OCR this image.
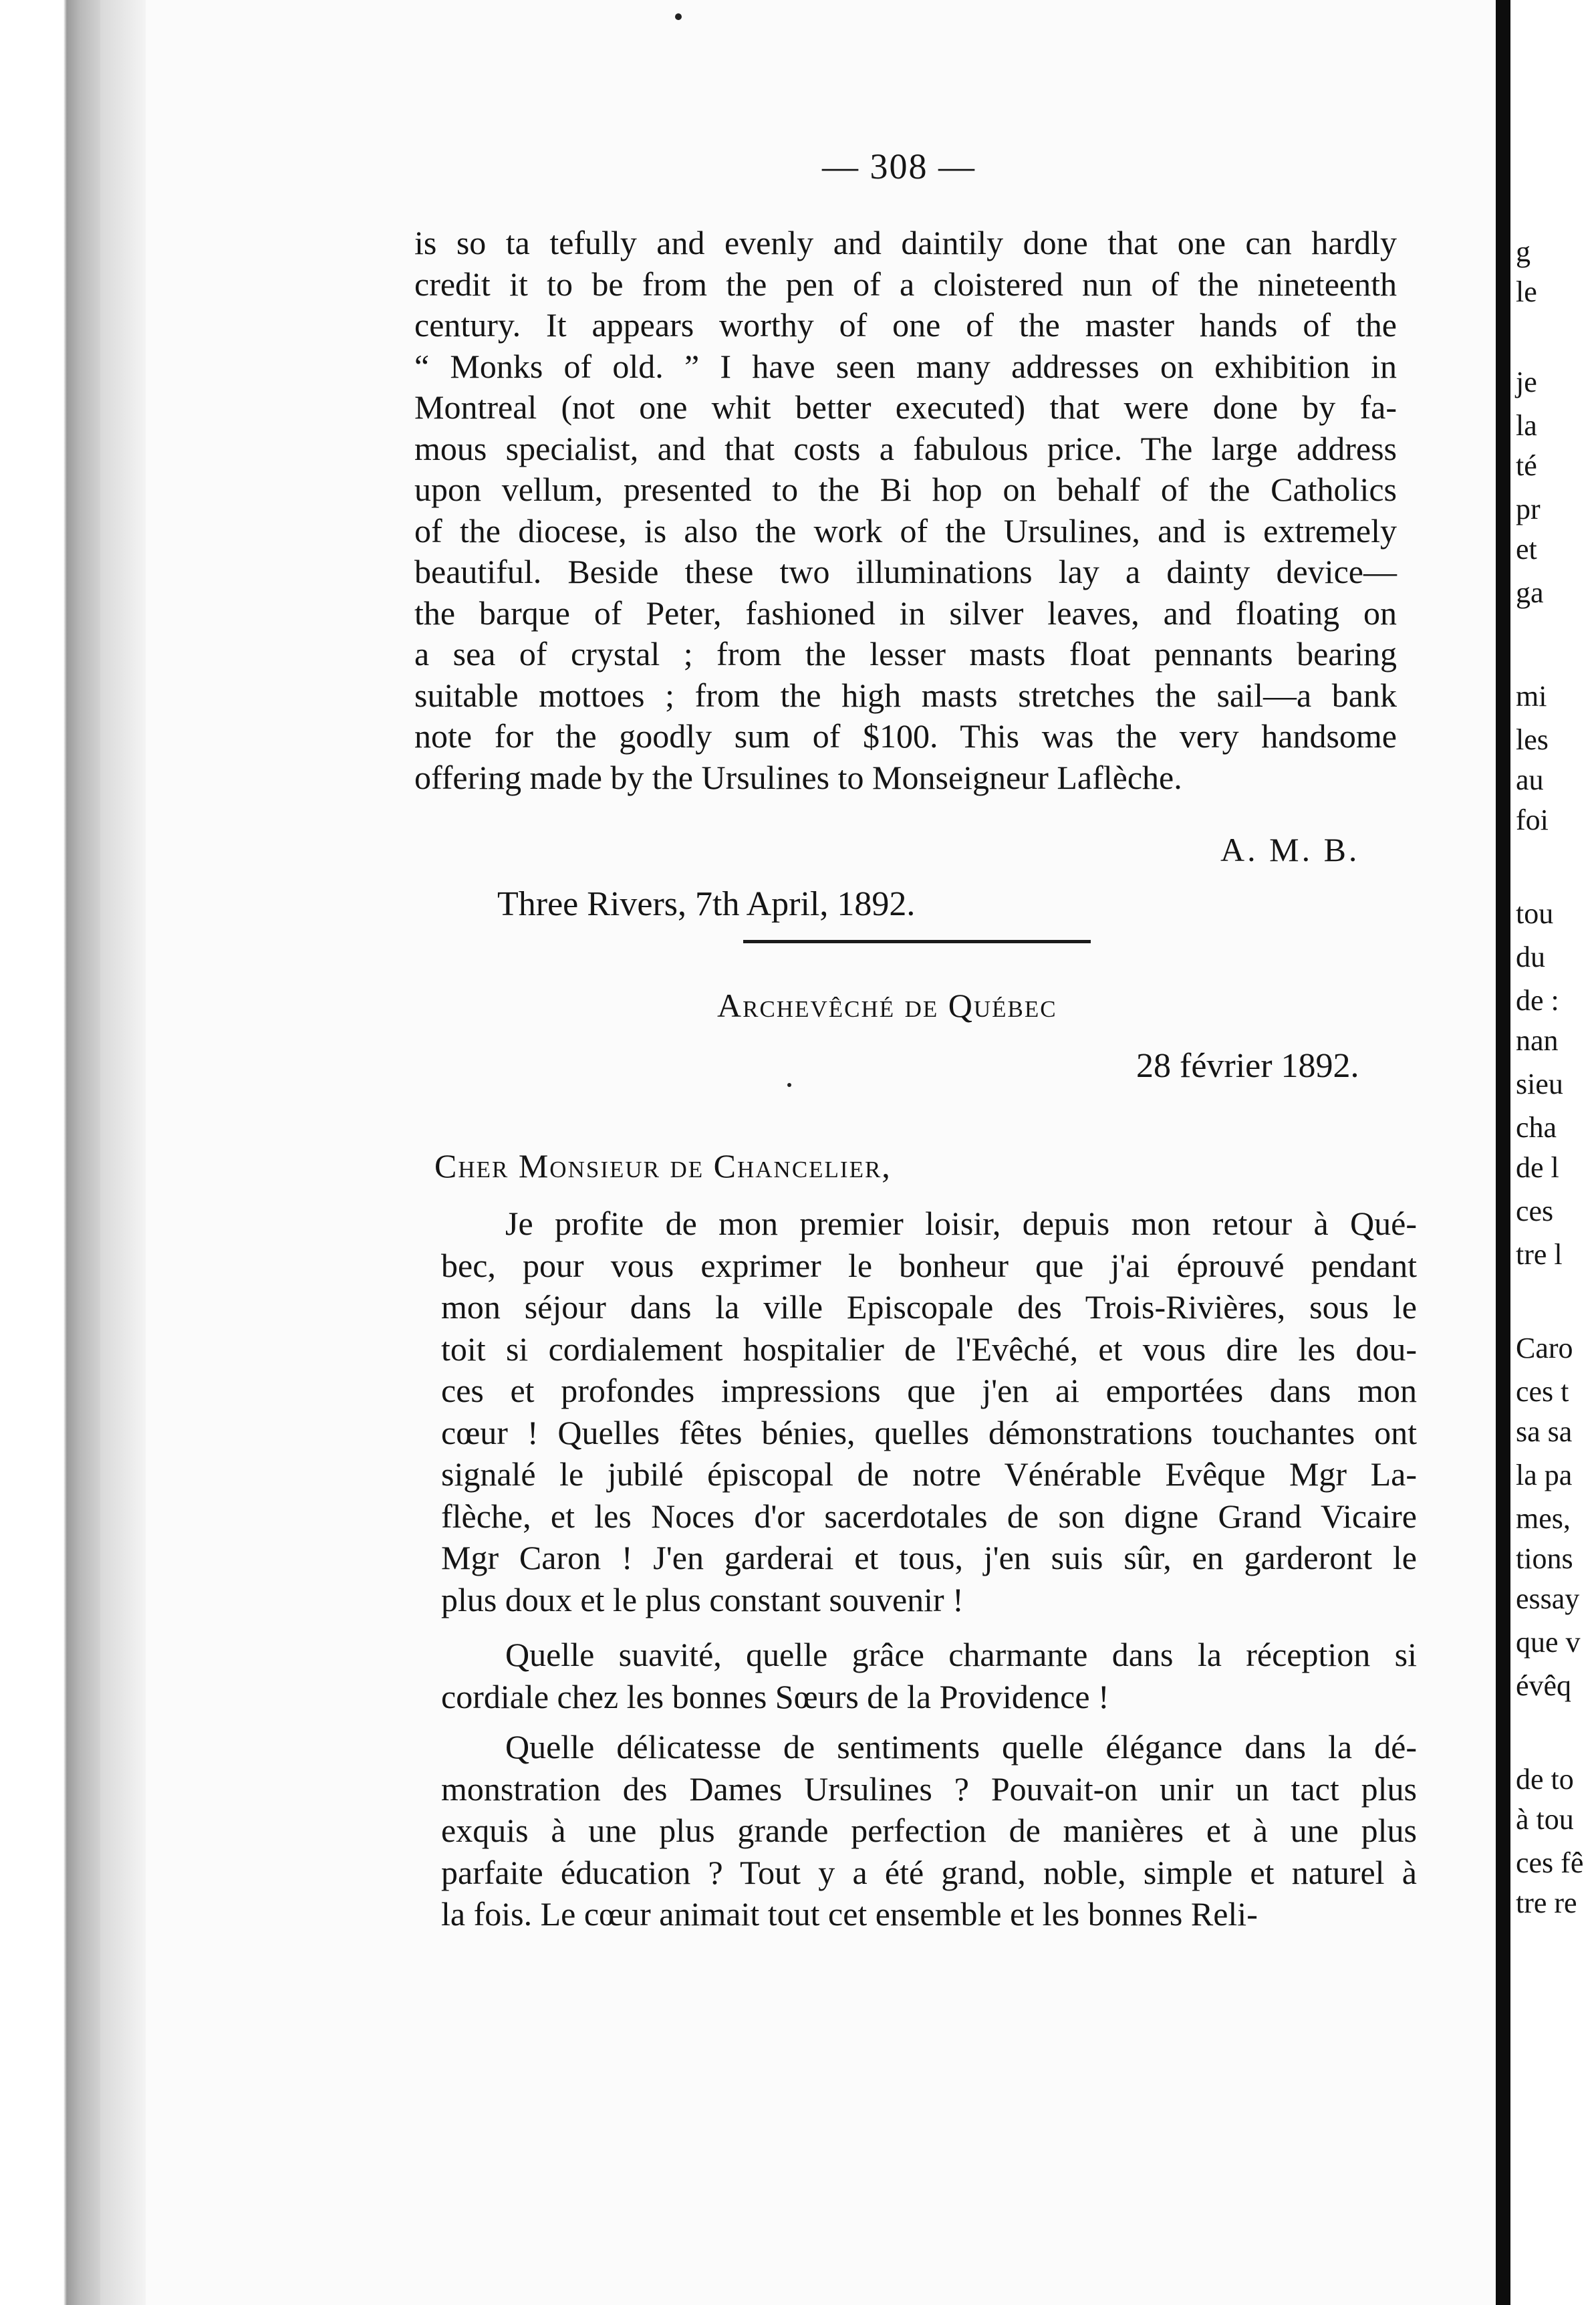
g
le
je
la
té
pr
et
ga
mi
les
au
foi
tou
du
de :
nan
sieu
cha
de l
ces
tre l
Caro
ces t
sa sa
la pa
mes,
tions
essay
que v
évêq
de to
à tou
ces fê
tre re
— 308 —
is so ta tefully and evenly and daintily done that one can hardly
credit it to be from the pen of a cloistered nun of the nineteenth
century. It appears worthy of one of the master hands of the
“ Monks of old. ” I have seen many addresses on exhibition in
Montreal (not one whit better executed) that were done by fa-
mous specialist, and that costs a fabulous price. The large address
upon vellum, presented to the Bi hop on behalf of the Catholics
of the diocese, is also the work of the Ursulines, and is extremely
beautiful. Beside these two illuminations lay a dainty device—
the barque of Peter, fashioned in silver leaves, and floating on
a sea of crystal ; from the lesser masts float pennants bearing
suitable mottoes ; from the high masts stretches the sail—a bank
note for the goodly sum of $100. This was the very handsome
offering made by the Ursulines to Monseigneur Laflèche.
A. M. B.
Three Rivers, 7th April, 1892.
Archevêché de Québec
28 février 1892.
Cher Monsieur de Chancelier,
Je profite de mon premier loisir, depuis mon retour à Qué-
bec, pour vous exprimer le bonheur que j'ai éprouvé pendant
mon séjour dans la ville Episcopale des Trois-Rivières, sous le
toit si cordialement hospitalier de l'Evêché, et vous dire les dou-
ces et profondes impressions que j'en ai emportées dans mon
cœur ! Quelles fêtes bénies, quelles démonstrations touchantes ont
signalé le jubilé épiscopal de notre Vénérable Evêque Mgr La-
flèche, et les Noces d'or sacerdotales de son digne Grand Vicaire
Mgr Caron ! J'en garderai et tous, j'en suis sûr, en garderont le
plus doux et le plus constant souvenir !
Quelle suavité, quelle grâce charmante dans la réception si
cordiale chez les bonnes Sœurs de la Providence !
Quelle délicatesse de sentiments quelle élégance dans la dé-
monstration des Dames Ursulines ? Pouvait-on unir un tact plus
exquis à une plus grande perfection de manières et à une plus
parfaite éducation ? Tout y a été grand, noble, simple et naturel à
la fois. Le cœur animait tout cet ensemble et les bonnes Reli-
